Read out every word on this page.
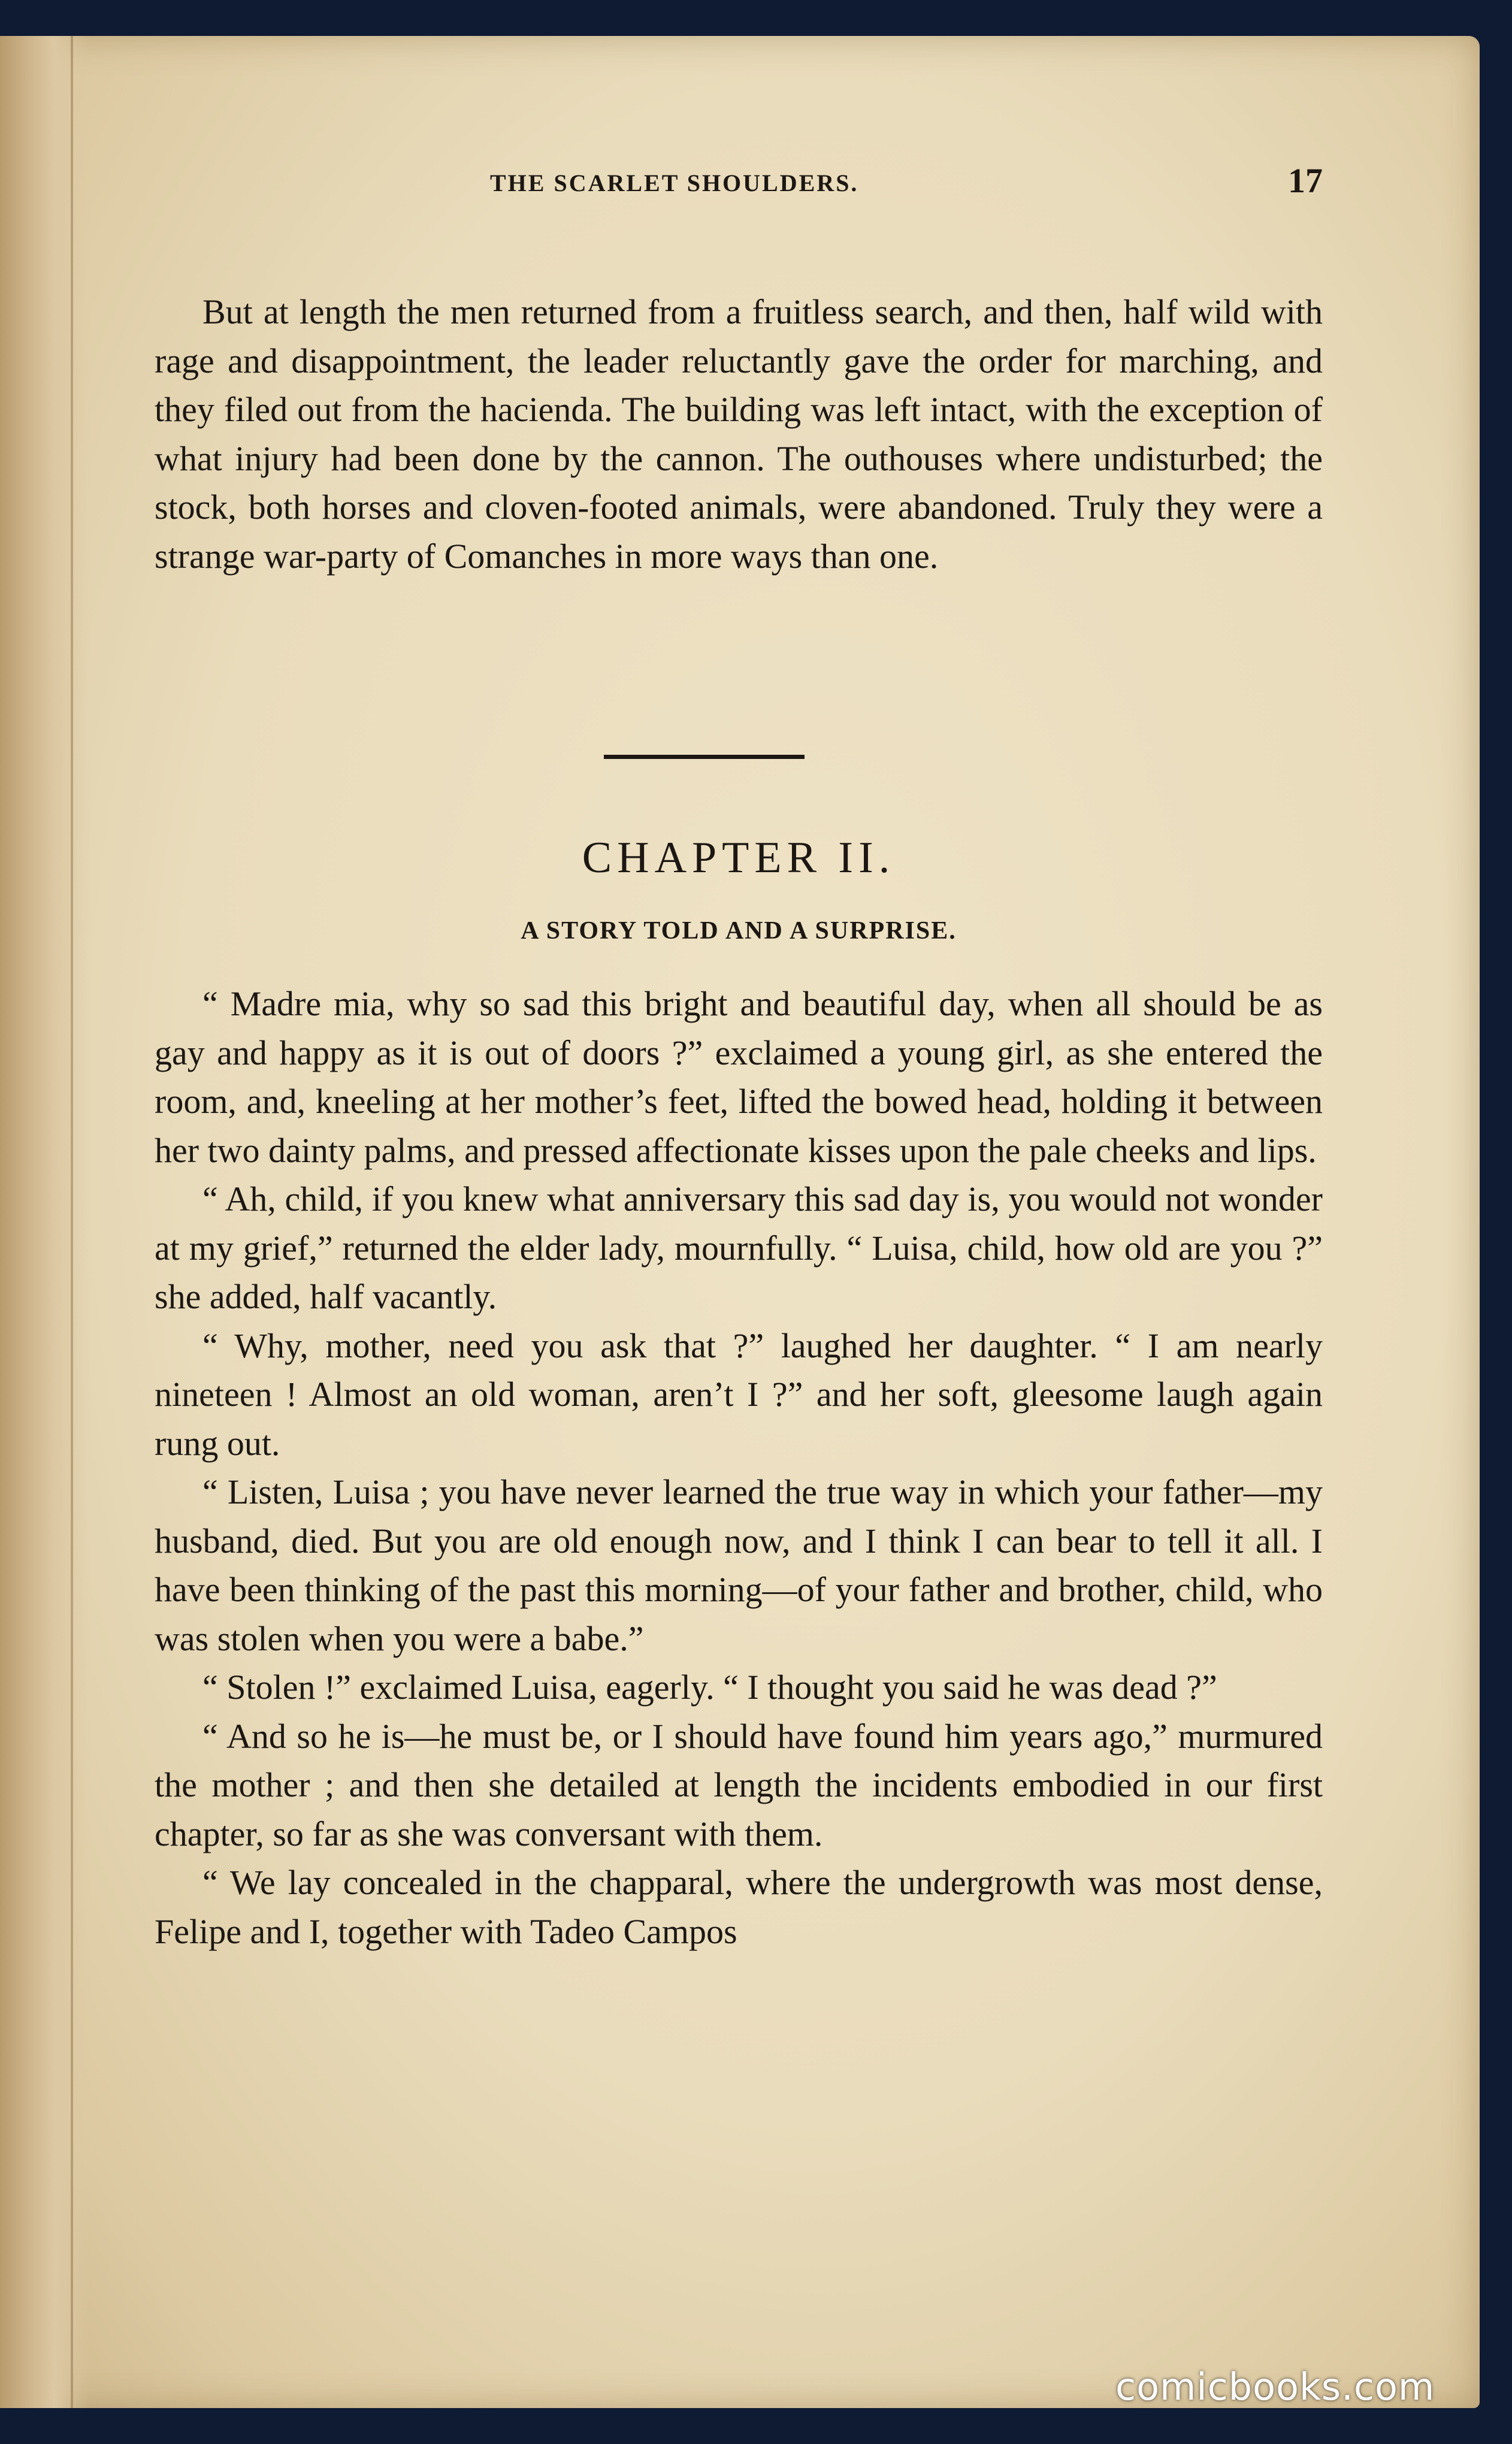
THE SCARLET SHOULDERS.	17

But at length the men returned from a fruitless search, and then, half wild with rage and disappointment, the leader reluctantly gave the order for marching, and they filed out from the hacienda. The building was left intact, with the exception of what injury had been done by the cannon. The outhouses where undisturbed; the stock, both horses and cloven-footed animals, were abandoned. Truly they were a strange war-party of Comanches in more ways than one.

CHAPTER II.
A STORY TOLD AND A SURPRISE.

“ Madre mia, why so sad this bright and beautiful day, when all should be as gay and happy as it is out of doors ?” exclaimed a young girl, as she entered the room, and, kneeling at her mother’s feet, lifted the bowed head, holding it between her two dainty palms, and pressed affectionate kisses upon the pale cheeks and lips.

“ Ah, child, if you knew what anniversary this sad day is, you would not wonder at my grief,” returned the elder lady, mournfully. “ Luisa, child, how old are you ?” she added, half vacantly.

“ Why, mother, need you ask that ?” laughed her daughter. “ I am nearly nineteen ! Almost an old woman, aren’t I ?” and her soft, gleesome laugh again rung out.

“ Listen, Luisa ; you have never learned the true way in which your father—my husband, died. But you are old enough now, and I think I can bear to tell it all. I have been thinking of the past this morning—of your father and brother, child, who was stolen when you were a babe.”

“ Stolen !” exclaimed Luisa, eagerly. “ I thought you said he was dead ?”

“ And so he is—he must be, or I should have found him years ago,” murmured the mother ; and then she detailed at length the incidents embodied in our first chapter, so far as she was conversant with them.

“ We lay concealed in the chapparal, where the undergrowth was most dense, Felipe and I, together with Tadeo Campos

comicbooks.com
